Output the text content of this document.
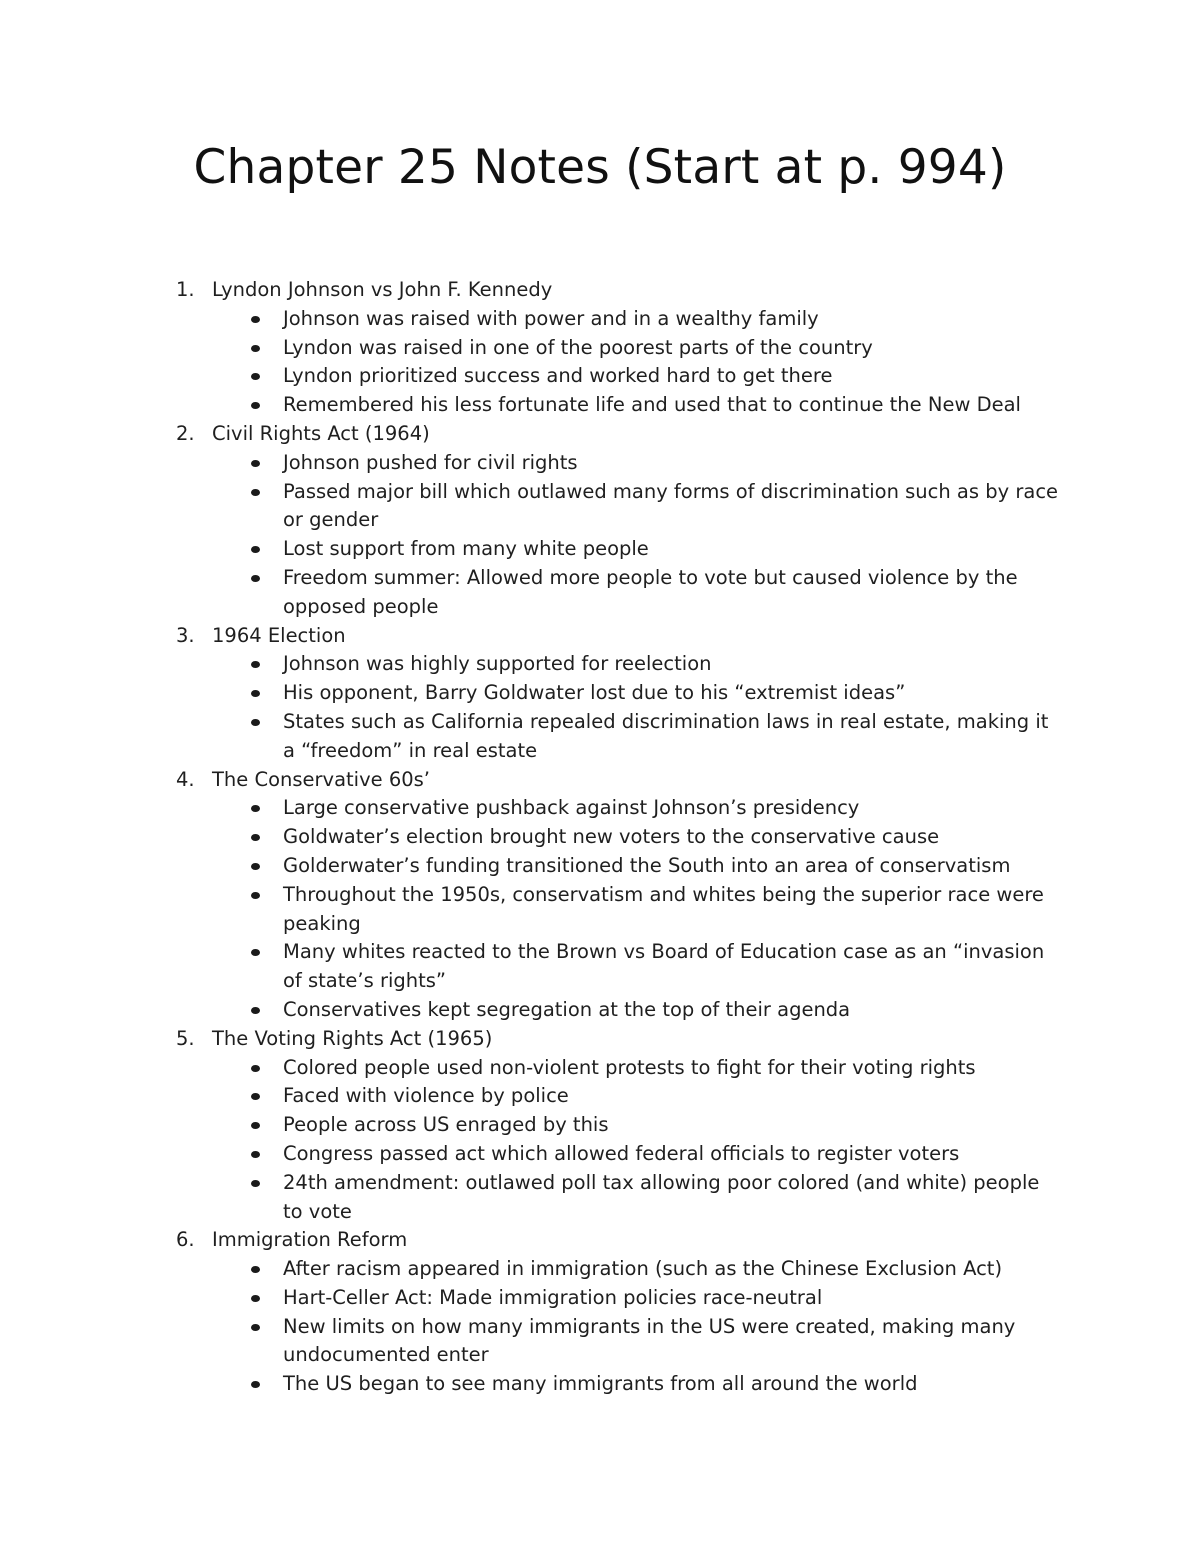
Chapter 25 Notes (Start at p. 994)
1. Lyndon Johnson vs John F. Kennedy
Johnson was raised with power and in a wealthy family
Lyndon was raised in one of the poorest parts of the country
Lyndon prioritized success and worked hard to get there
Remembered his less fortunate life and used that to continue the New Deal
2. Civil Rights Act (1964)
Johnson pushed for civil rights
Passed major bill which outlawed many forms of discrimination such as by race or gender
Lost support from many white people
Freedom summer: Allowed more people to vote but caused violence by the opposed people
3. 1964 Election
Johnson was highly supported for reelection
His opponent, Barry Goldwater lost due to his “extremist ideas”
States such as California repealed discrimination laws in real estate, making it a “freedom” in real estate
4. The Conservative 60s’
Large conservative pushback against Johnson’s presidency
Goldwater’s election brought new voters to the conservative cause
Golderwater’s funding transitioned the South into an area of conservatism
Throughout the 1950s, conservatism and whites being the superior race were peaking
Many whites reacted to the Brown vs Board of Education case as an “invasion of state’s rights”
Conservatives kept segregation at the top of their agenda
5. The Voting Rights Act (1965)
Colored people used non-violent protests to fight for their voting rights
Faced with violence by police
People across US enraged by this
Congress passed act which allowed federal officials to register voters
24th amendment: outlawed poll tax allowing poor colored (and white) people to vote
6. Immigration Reform
After racism appeared in immigration (such as the Chinese Exclusion Act)
Hart-Celler Act: Made immigration policies race-neutral
New limits on how many immigrants in the US were created, making many undocumented enter
The US began to see many immigrants from all around the world
